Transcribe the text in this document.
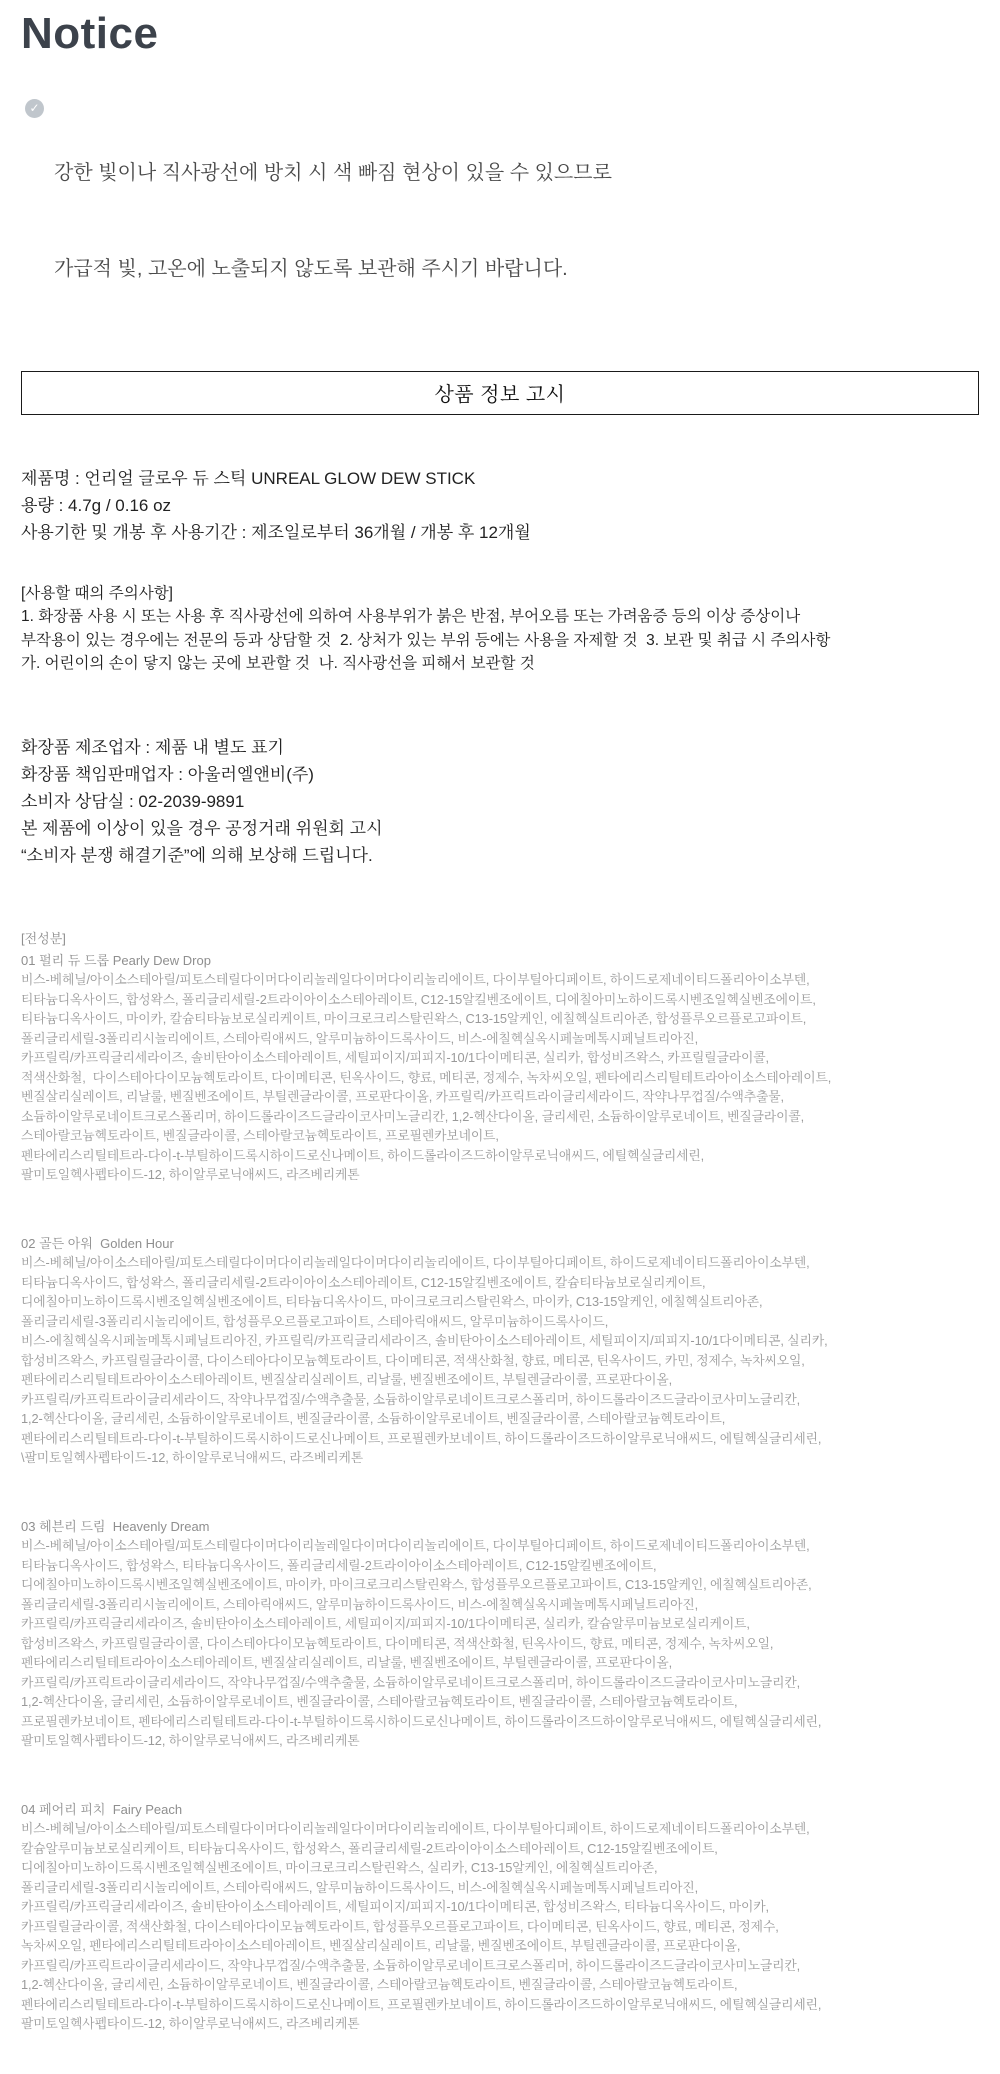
Notice
✓

강한 빛이나 직사광선에 방치 시 색 빠짐 현상이 있을 수 있으므로

가급적 빛, 고온에 노출되지 않도록 보관해 주시기 바랍니다.

상품 정보 고시
제품명 : 언리얼 글로우 듀 스틱 UNREAL GLOW DEW STICK
용량 : 4.7g / 0.16 oz
사용기한 및 개봉 후 사용기간 : 제조일로부터 36개월 / 개봉 후 12개월
[사용할 때의 주의사항]
1. 화장품 사용 시 또는 사용 후 직사광선에 의하여 사용부위가 붉은 반점, 부어오름 또는 가려움증 등의 이상 증상이나
부작용이 있는 경우에는 전문의 등과 상담할 것  2. 상처가 있는 부위 등에는 사용을 자제할 것  3. 보관 및 취급 시 주의사항
가. 어린이의 손이 닿지 않는 곳에 보관할 것  나. 직사광선을 피해서 보관할 것
화장품 제조업자 : 제품 내 별도 표기
화장품 책임판매업자 : 아울러엘앤비(주)
소비자 상담실 : 02-2039-9891
본 제품에 이상이 있을 경우 공정거래 위원회 고시
“소비자 분쟁 해결기준”에 의해 보상해 드립니다.
[전성분]
01 펄리 듀 드롭 Pearly Dew Drop
비스-베헤닐/아이소스테아릴/피토스테릴다이머다이리놀레일다이머다이리놀리에이트, 다이부틸아디페이트, 하이드로제네이티드폴리아이소부텐,
티타늄디옥사이드, 합성왁스, 폴리글리세릴-2트라이아이소스테아레이트, C12-15알킬벤조에이트, 디에칠아미노하이드록시벤조일헥실벤조에이트,
티타늄디옥사이드, 마이카, 칼슘티타늄보로실리케이트, 마이크로크리스탈린왁스, C13-15알케인, 에칠헥실트리아존, 합성플루오르플로고파이트,
폴리글리세릴-3폴리리시놀리에이트, 스테아릭애씨드, 알루미늄하이드록사이드, 비스-에칠헥실옥시페놀메톡시페닐트리아진,
카프릴릭/카프릭글리세라이즈, 솔비탄아이소스테아레이트, 세틸피이지/피피지-10/1다이메티콘, 실리카, 합성비즈왁스, 카프릴릴글라이콜,
적색산화철,  다이스테아다이모늄헥토라이트, 다이메티콘, 틴옥사이드, 향료, 메티콘, 정제수, 녹차씨오일, 펜타에리스리틸테트라아이소스테아레이트,
벤질살리실레이트, 리날룰, 벤질벤조에이트, 부틸렌글라이콜, 프로판다이올, 카프릴릭/카프릭트라이글리세라이드, 작약나무껍질/수액추출물,
소듐하이알루로네이트크로스폴리머, 하이드롤라이즈드글라이코사미노글리칸, 1,2-헥산다이올, 글리세린, 소듐하이알루로네이트, 벤질글라이콜,
스테아랄코늄헥토라이트, 벤질글라이콜, 스테아랄코늄헥토라이트, 프로필렌카보네이트,
펜타에리스리틸테트라-다이-t-부틸하이드록시하이드로신나메이트, 하이드롤라이즈드하이알루로닉애씨드, 에틸헥실글리세린,
팔미토일헥사펩타이드-12, 하이알루로닉애씨드, 라즈베리케톤
02 골든 아워  Golden Hour
비스-베헤닐/아이소스테아릴/피토스테릴다이머다이리놀레일다이머다이리놀리에이트, 다이부틸아디페이트, 하이드로제네이티드폴리아이소부텐,
티타늄디옥사이드, 합성왁스, 폴리글리세릴-2트라이아이소스테아레이트, C12-15알킬벤조에이트, 칼슘티타늄보로실리케이트,
디에칠아미노하이드록시벤조일헥실벤조에이트, 티타늄디옥사이드, 마이크로크리스탈린왁스, 마이카, C13-15알케인, 에칠헥실트리아존,
폴리글리세릴-3폴리리시놀리에이트, 합성플루오르플로고파이트, 스테아릭애씨드, 알루미늄하이드록사이드,
비스-에칠헥실옥시페놀메톡시페닐트리아진, 카프릴릭/카프릭글리세라이즈, 솔비탄아이소스테아레이트, 세틸피이지/피피지-10/1다이메티콘, 실리카,
합성비즈왁스, 카프릴릴글라이콜, 다이스테아다이모늄헥토라이트, 다이메티콘, 적색산화철, 향료, 메티콘, 틴옥사이드, 카민, 정제수, 녹차씨오일,
펜타에리스리틸테트라아이소스테아레이트, 벤질살리실레이트, 리날룰, 벤질벤조에이트, 부틸렌글라이콜, 프로판다이올,
카프릴릭/카프릭트라이글리세라이드, 작약나무껍질/수액추출물, 소듐하이알루로네이트크로스폴리머, 하이드롤라이즈드글라이코사미노글리칸,
1,2-헥산다이올, 글리세린, 소듐하이알루로네이트, 벤질글라이콜, 소듐하이알루로네이트, 벤질글라이콜, 스테아랄코늄헥토라이트,
펜타에리스리틸테트라-다이-t-부틸하이드록시하이드로신나메이트, 프로필렌카보네이트, 하이드롤라이즈드하이알루로닉애씨드, 에틸헥실글리세린,
\팔미토일헥사펩타이드-12, 하이알루로닉애씨드, 라즈베리케톤
03 헤븐리 드림  Heavenly Dream
비스-베헤닐/아이소스테아릴/피토스테릴다이머다이리놀레일다이머다이리놀리에이트, 다이부틸아디페이트, 하이드로제네이티드폴리아이소부텐,
티타늄디옥사이드, 합성왁스, 티타늄디옥사이드, 폴리글리세릴-2트라이아이소스테아레이트, C12-15알킬벤조에이트,
디에칠아미노하이드록시벤조일헥실벤조에이트, 마이카, 마이크로크리스탈린왁스, 합성플루오르플로고파이트, C13-15알케인, 에칠헥실트리아존,
폴리글리세릴-3폴리리시놀리에이트, 스테아릭애씨드, 알루미늄하이드록사이드, 비스-에칠헥실옥시페놀메톡시페닐트리아진,
카프릴릭/카프릭글리세라이즈, 솔비탄아이소스테아레이트, 세틸피이지/피피지-10/1다이메티콘, 실리카, 칼슘알루미늄보로실리케이트,
합성비즈왁스, 카프릴릴글라이콜, 다이스테아다이모늄헥토라이트, 다이메티콘, 적색산화철, 틴옥사이드, 향료, 메티콘, 정제수, 녹차씨오일,
펜타에리스리틸테트라아이소스테아레이트, 벤질살리실레이트, 리날룰, 벤질벤조에이트, 부틸렌글라이콜, 프로판다이올,
카프릴릭/카프릭트라이글리세라이드, 작약나무껍질/수액추출물, 소듐하이알루로네이트크로스폴리머, 하이드롤라이즈드글라이코사미노글리칸,
1,2-헥산다이올, 글리세린, 소듐하이알루로네이트, 벤질글라이콜, 스테아랄코늄헥토라이트, 벤질글라이콜, 스테아랄코늄헥토라이트,
프로필렌카보네이트, 펜타에리스리틸테트라-다이-t-부틸하이드록시하이드로신나메이트, 하이드롤라이즈드하이알루로닉애씨드, 에틸헥실글리세린,
팔미토일헥사펩타이드-12, 하이알루로닉애씨드, 라즈베리케톤
04 페어리 피치  Fairy Peach
비스-베헤닐/아이소스테아릴/피토스테릴다이머다이리놀레일다이머다이리놀리에이트, 다이부틸아디페이트, 하이드로제네이티드폴리아이소부텐,
칼슘알루미늄보로실리케이트, 티타늄디옥사이드, 합성왁스, 폴리글리세릴-2트라이아이소스테아레이트, C12-15알킬벤조에이트,
디에칠아미노하이드록시벤조일헥실벤조에이트, 마이크로크리스탈린왁스, 실리카, C13-15알케인, 에칠헥실트리아존,
폴리글리세릴-3폴리리시놀리에이트, 스테아릭애씨드, 알루미늄하이드록사이드, 비스-에칠헥실옥시페놀메톡시페닐트리아진,
카프릴릭/카프릭글리세라이즈, 솔비탄아이소스테아레이트, 세틸피이지/피피지-10/1다이메티콘, 합성비즈왁스, 티타늄디옥사이드, 마이카,
카프릴릴글라이콜, 적색산화철, 다이스테아다이모늄헥토라이트, 합성플루오르플로고파이트, 다이메티콘, 틴옥사이드, 향료, 메티콘, 정제수,
녹차씨오일, 펜타에리스리틸테트라아이소스테아레이트, 벤질살리실레이트, 리날룰, 벤질벤조에이트, 부틸렌글라이콜, 프로판다이올,
카프릴릭/카프릭트라이글리세라이드, 작약나무껍질/수액추출물, 소듐하이알루로네이트크로스폴리머, 하이드롤라이즈드글라이코사미노글리칸,
1,2-헥산다이올, 글리세린, 소듐하이알루로네이트, 벤질글라이콜, 스테아랄코늄헥토라이트, 벤질글라이콜, 스테아랄코늄헥토라이트,
펜타에리스리틸테트라-다이-t-부틸하이드록시하이드로신나메이트, 프로필렌카보네이트, 하이드롤라이즈드하이알루로닉애씨드, 에틸헥실글리세린,
팔미토일헥사펩타이드-12, 하이알루로닉애씨드, 라즈베리케톤
